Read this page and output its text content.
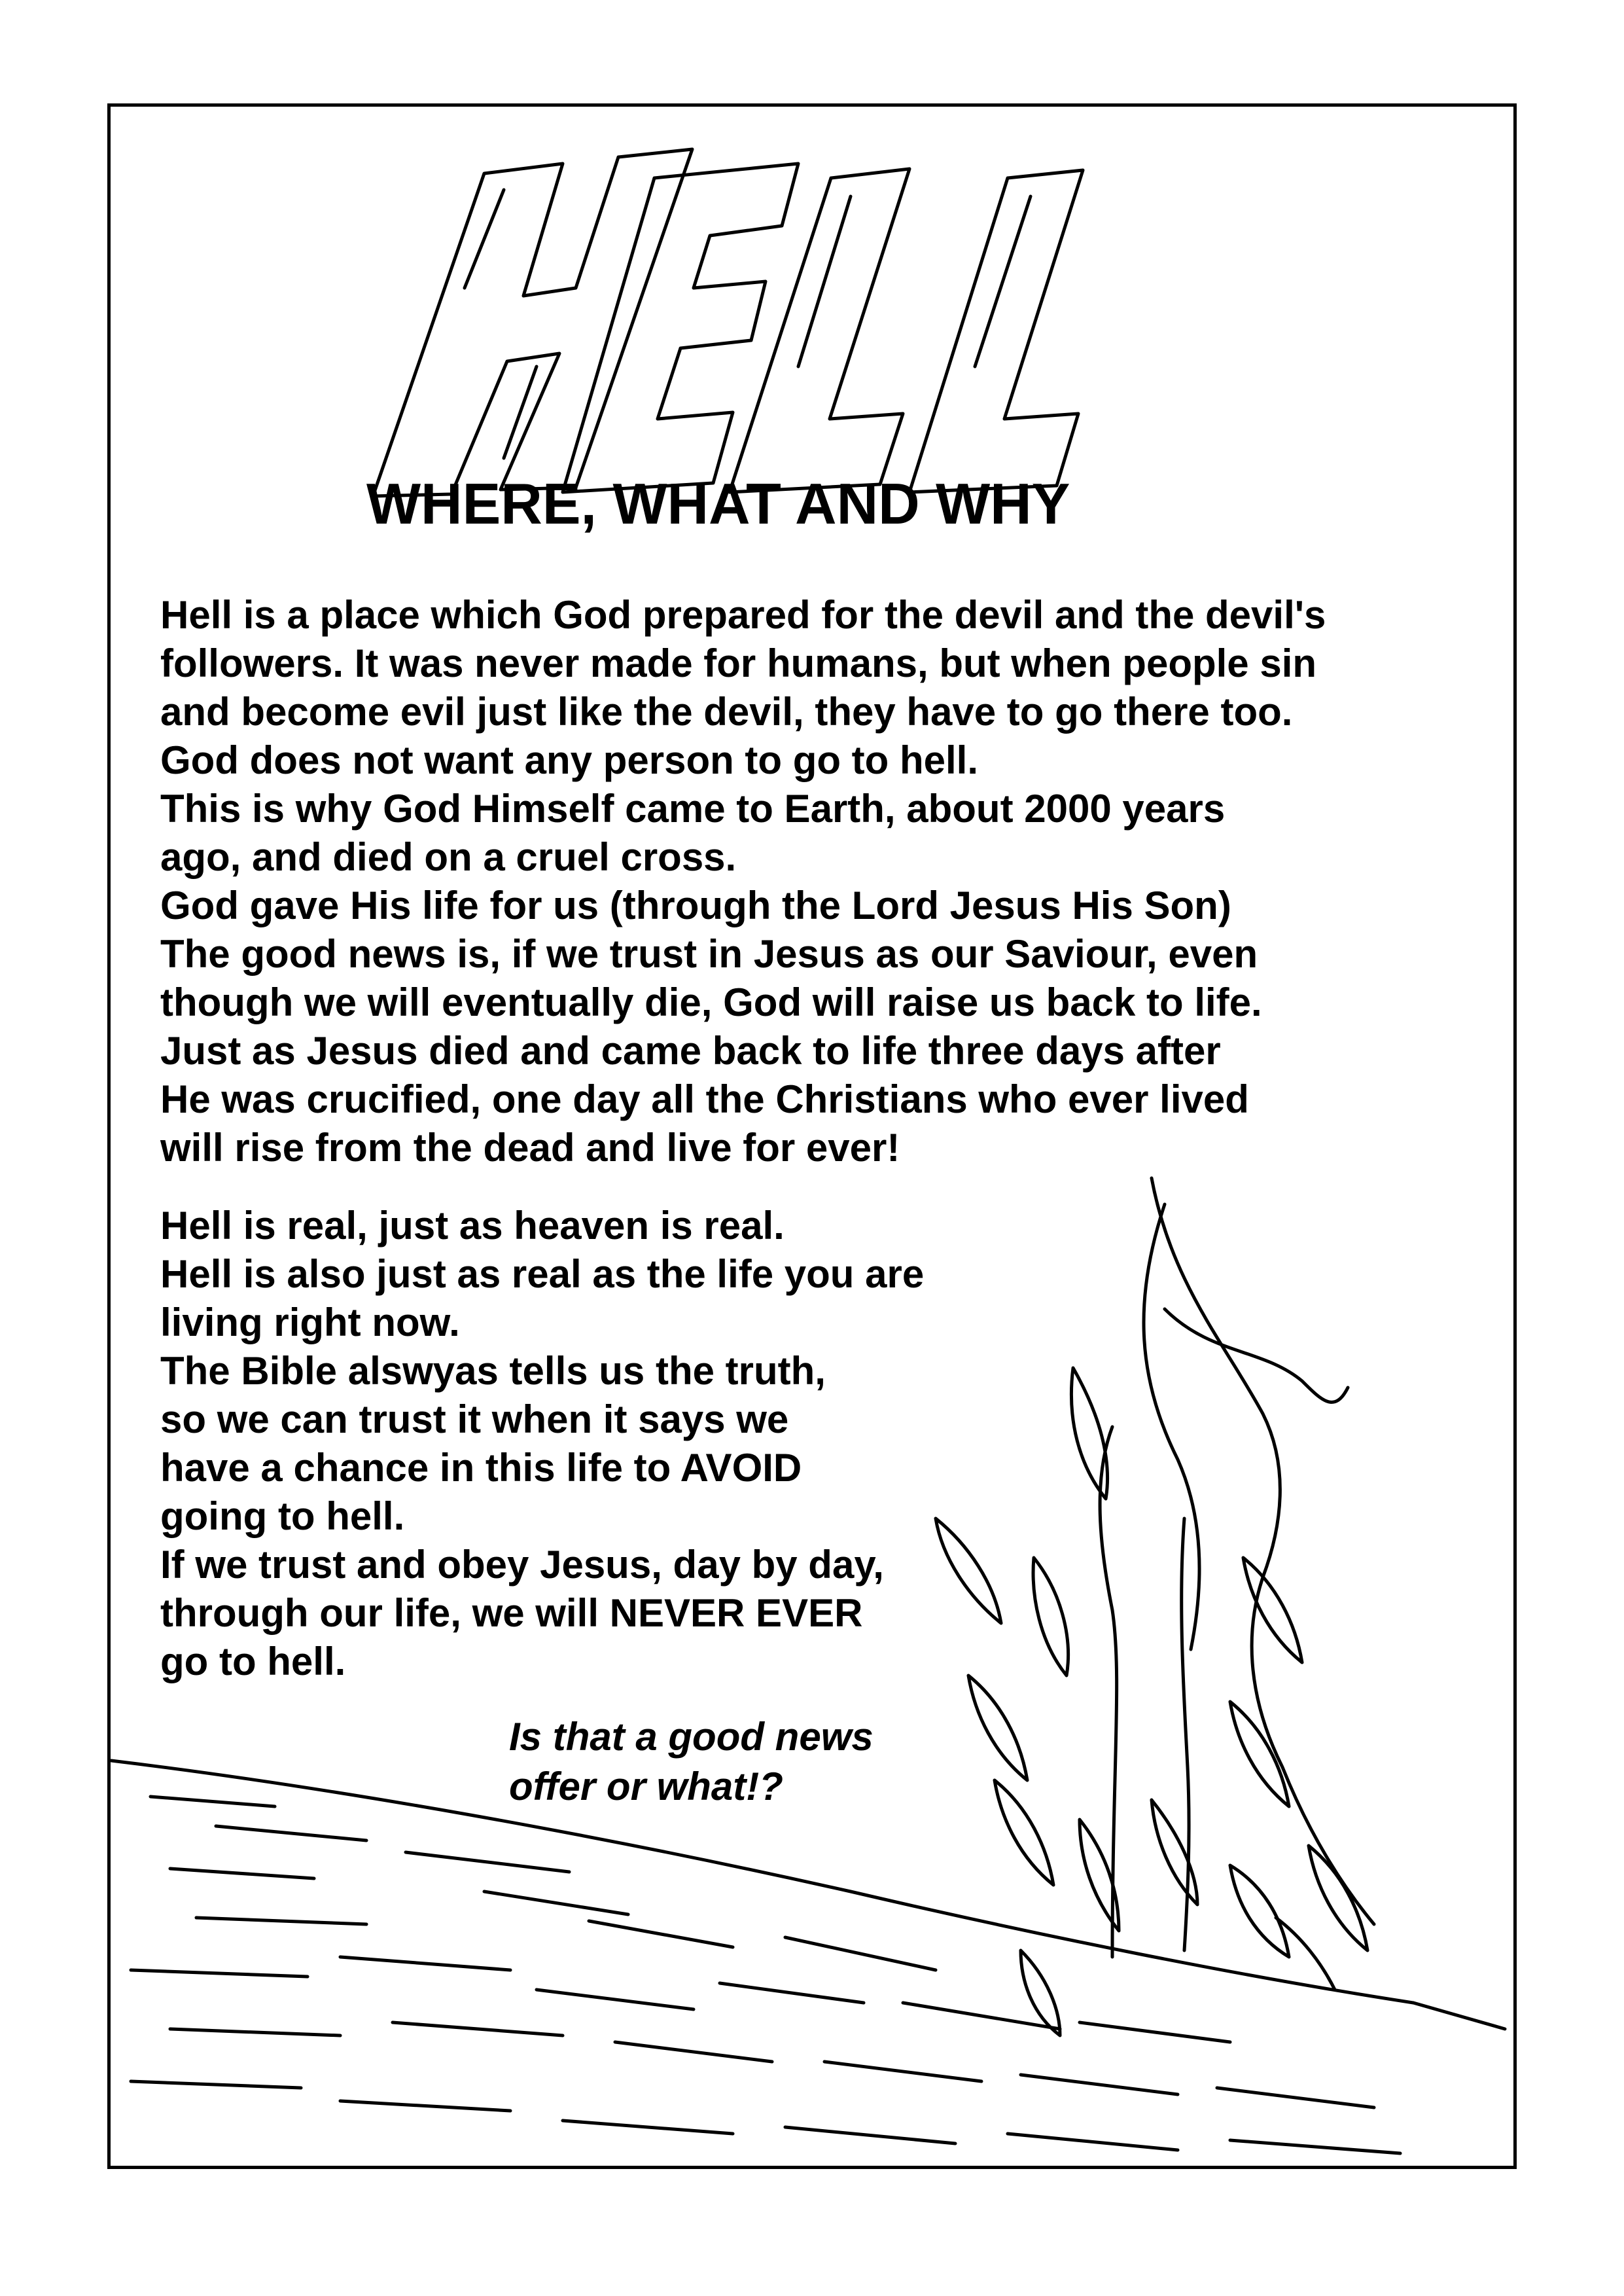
WHERE, WHAT AND WHY
Hell is a place which God prepared for the devil and the devil's
followers. It was never made for humans, but when people sin
and become evil just like the devil, they have to go there too.
God does not want any person to go to hell.
This is why God Himself came to Earth, about 2000 years
ago, and died on a cruel cross.
God gave His life for us (through the Lord Jesus His Son)
The good news is, if we trust in Jesus as our Saviour, even
though we will eventually die, God will raise us back to life.
Just as Jesus died and came back to life three days after
He was crucified, one day all the Christians who ever lived
will rise from the dead and live for ever!
Hell is real, just as heaven is real.
Hell is also just as real as the life you are
living right now.
The Bible alswyas tells us the truth,
so we can trust it when it says we
have a chance in this life to AVOID
going to hell.
If we trust and obey Jesus, day by day,
through our life, we will NEVER EVER
go to hell.
Is that a good news
offer or what!?
